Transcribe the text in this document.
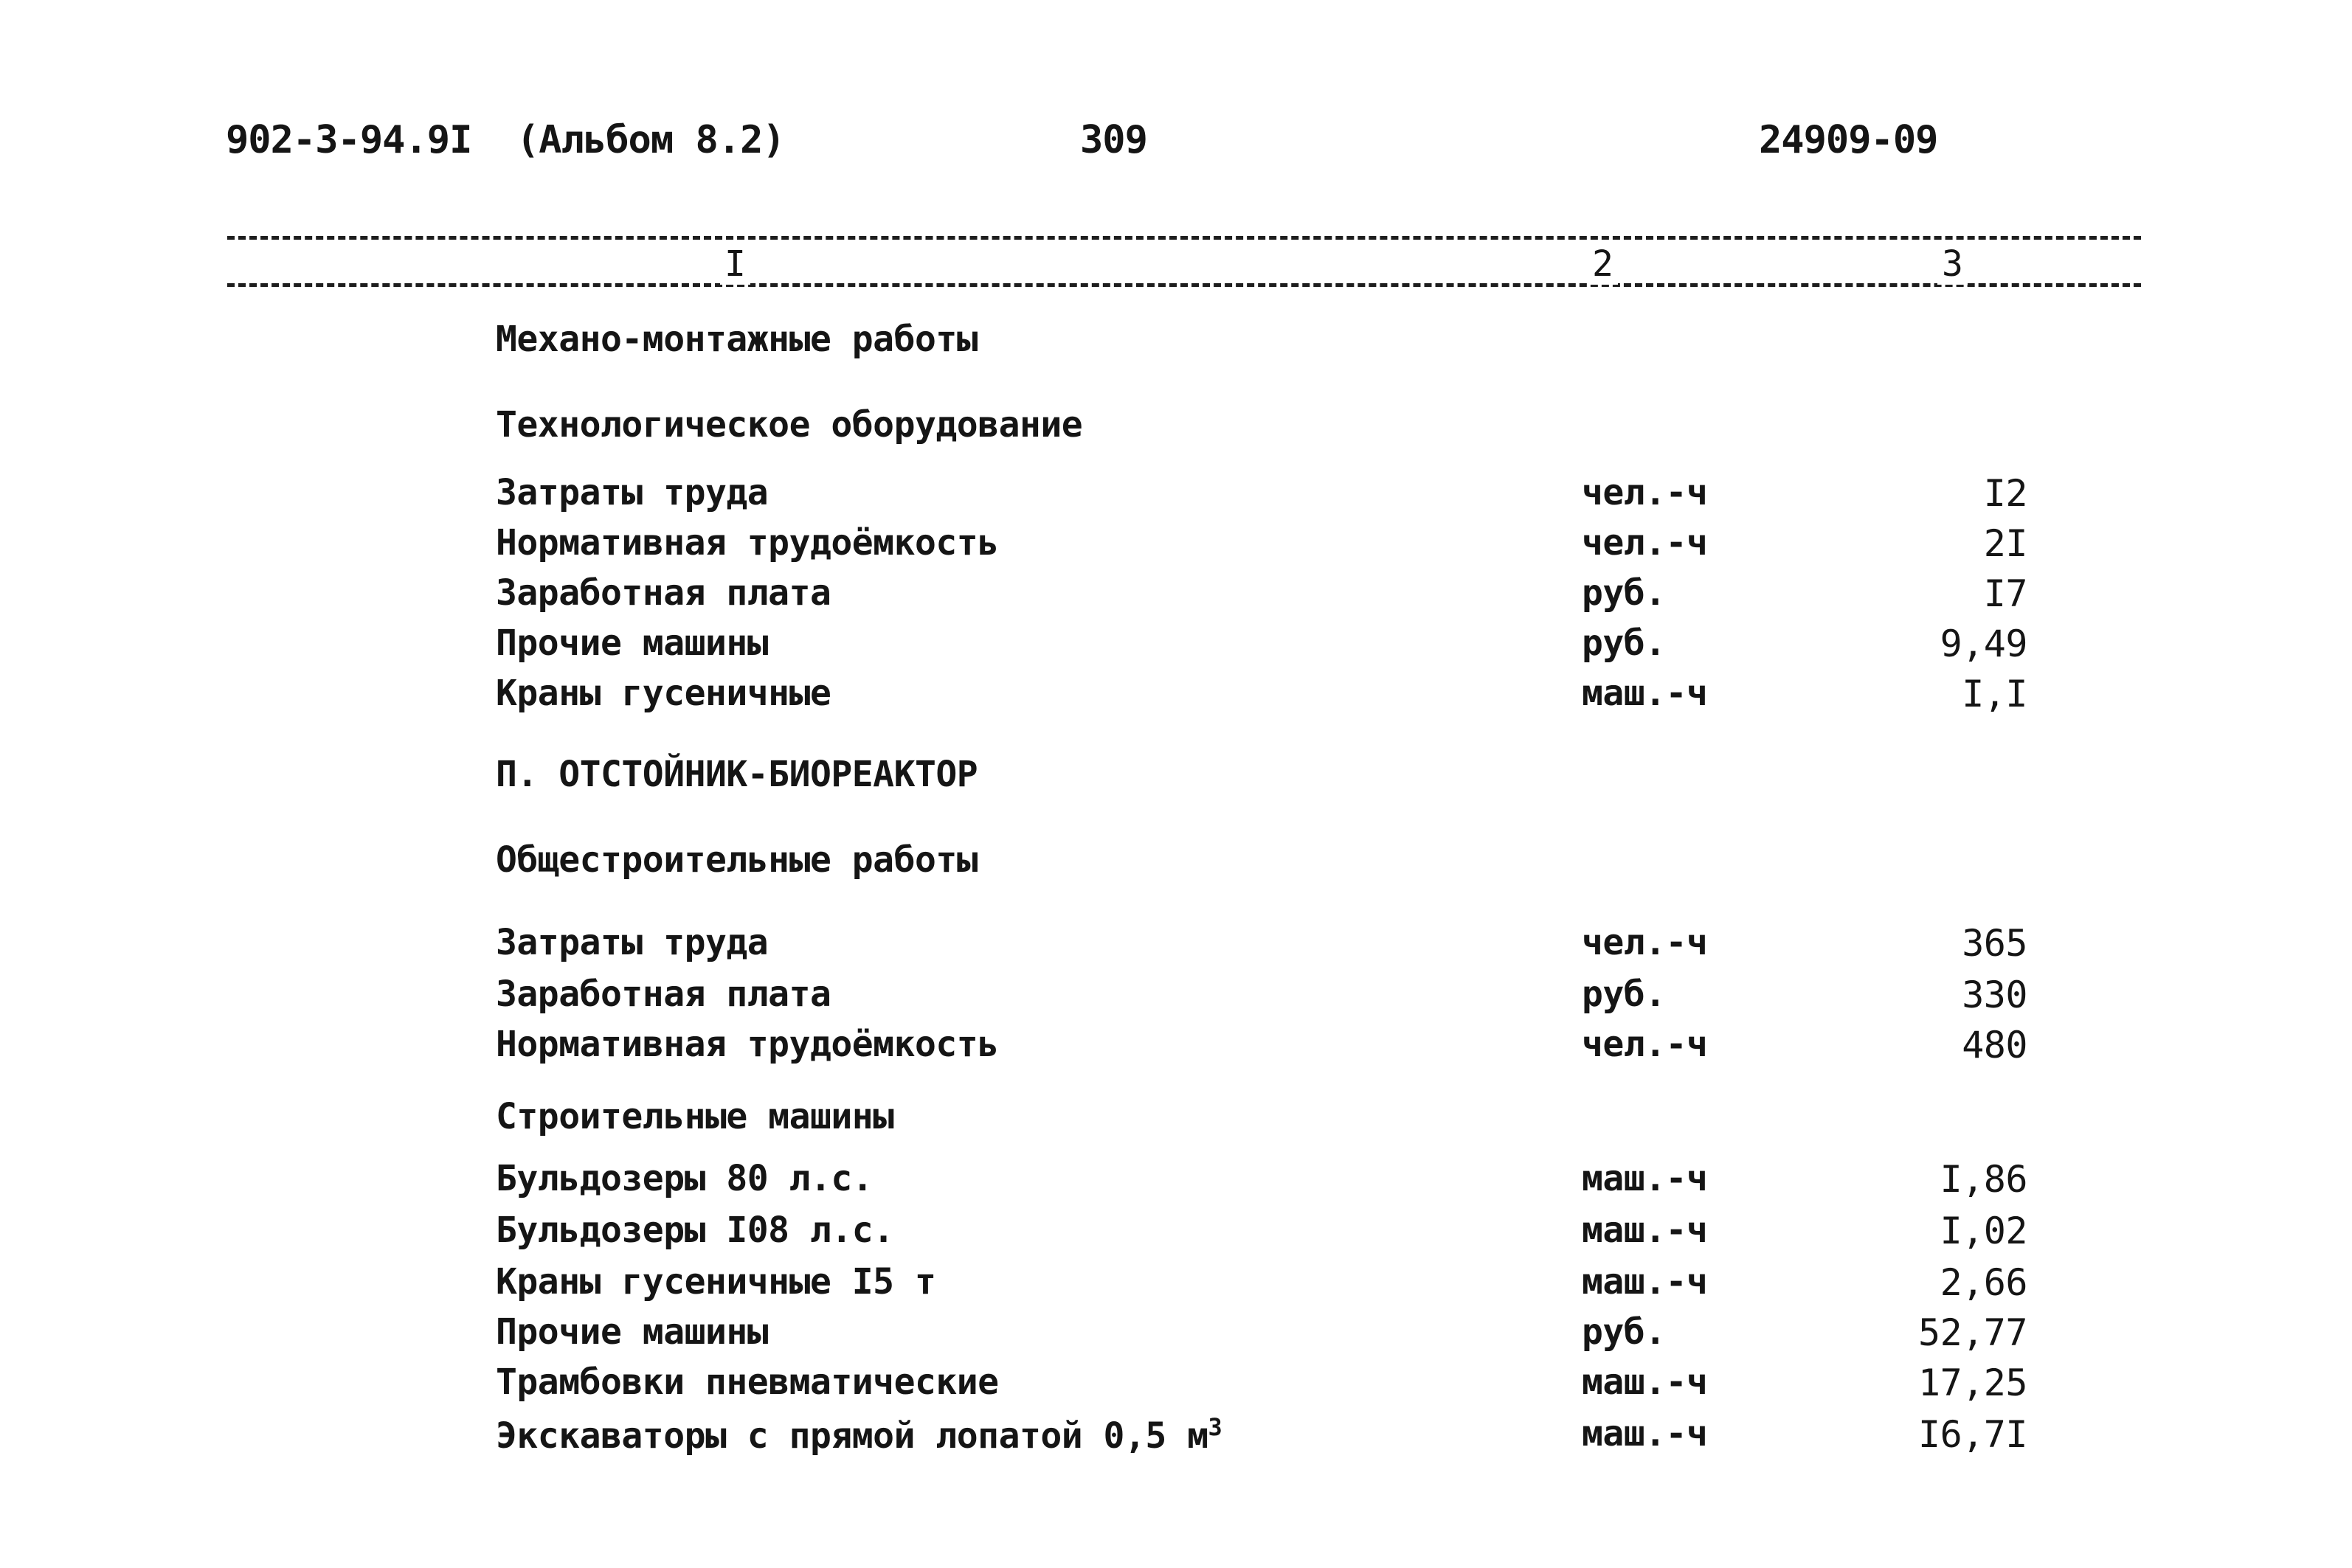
902-3-94.9I (Альбом 8.2)	309	24909-09
I	2	3
Механо-монтажные работы
Технологическое оборудование
Затраты труда	чел.-ч	I2
Нормативная трудоёмкость	чел.-ч	2I
Заработная плата	руб.	I7
Прочие машины	руб.	9,49
Краны гусеничные	маш.-ч	I,I
П. ОТСТОЙНИК-БИОРЕАКТОР
Общестроительные работы
Затраты труда	чел.-ч	365
Заработная плата	руб.	330
Нормативная трудоёмкость	чел.-ч	480
Строительные машины
Бульдозеры 80 л.с.	маш.-ч	I,86
Бульдозеры I08 л.с.	маш.-ч	I,02
Краны гусеничные I5 т	маш.-ч	2,66
Прочие машины	руб.	52,77
Трамбовки пневматические	маш.-ч	17,25
Экскаваторы с прямой лопатой 0,5 $м^3$	маш.-ч	I6,7I
